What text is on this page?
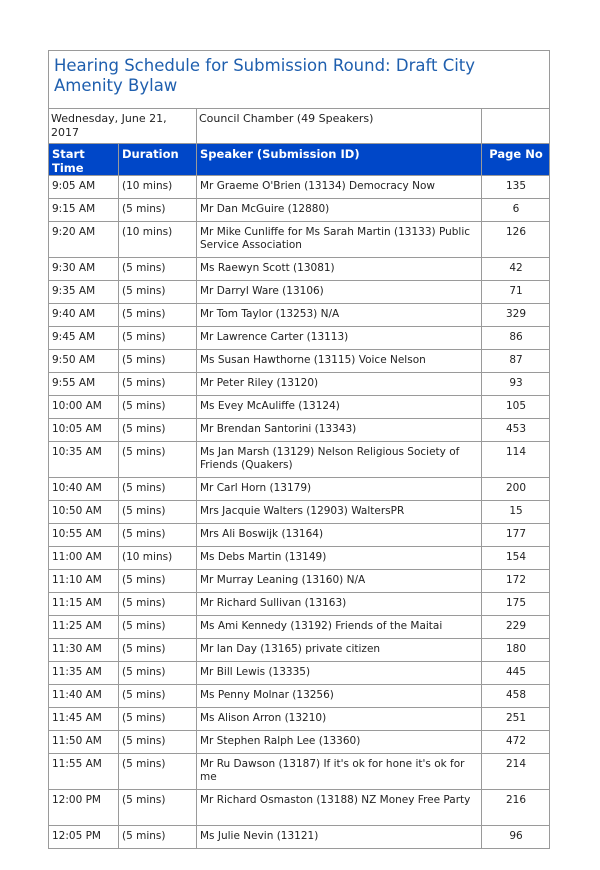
Hearing Schedule for Submission Round: Draft City Amenity Bylaw			
Wednesday, June 21, 2017		Council Chamber (49 Speakers)	
Start Time	Duration	Speaker (Submission ID)	Page No
9:05 AM	(10 mins)	Mr Graeme O'Brien (13134) Democracy Now	135
9:15 AM	(5 mins)	Mr Dan McGuire (12880)	6
9:20 AM	(10 mins)	Mr Mike Cunliffe for Ms Sarah Martin (13133) Public Service Association	126
9:30 AM	(5 mins)	Ms Raewyn Scott (13081)	42
9:35 AM	(5 mins)	Mr Darryl Ware (13106)	71
9:40 AM	(5 mins)	Mr Tom Taylor (13253) N/A	329
9:45 AM	(5 mins)	Mr Lawrence Carter (13113)	86
9:50 AM	(5 mins)	Ms Susan Hawthorne (13115) Voice Nelson	87
9:55 AM	(5 mins)	Mr Peter Riley (13120)	93
10:00 AM	(5 mins)	Ms Evey McAuliffe (13124)	105
10:05 AM	(5 mins)	Mr Brendan Santorini (13343)	453
10:35 AM	(5 mins)	Ms Jan Marsh (13129) Nelson Religious Society of Friends (Quakers)	114
10:40 AM	(5 mins)	Mr Carl Horn (13179)	200
10:50 AM	(5 mins)	Mrs Jacquie Walters (12903) WaltersPR	15
10:55 AM	(5 mins)	Mrs Ali Boswijk (13164)	177
11:00 AM	(10 mins)	Ms Debs Martin (13149)	154
11:10 AM	(5 mins)	Mr Murray Leaning (13160) N/A	172
11:15 AM	(5 mins)	Mr Richard Sullivan (13163)	175
11:25 AM	(5 mins)	Ms Ami Kennedy (13192) Friends of the Maitai	229
11:30 AM	(5 mins)	Mr Ian Day (13165) private citizen	180
11:35 AM	(5 mins)	Mr Bill Lewis (13335)	445
11:40 AM	(5 mins)	Ms Penny Molnar (13256)	458
11:45 AM	(5 mins)	Ms Alison Arron (13210)	251
11:50 AM	(5 mins)	Mr Stephen Ralph Lee (13360)	472
11:55 AM	(5 mins)	Mr Ru Dawson (13187) If it's ok for hone it's ok for me	214
12:00 PM	(5 mins)	Mr Richard Osmaston (13188) NZ Money Free Party	216
12:05 PM	(5 mins)	Ms Julie Nevin (13121)	96
